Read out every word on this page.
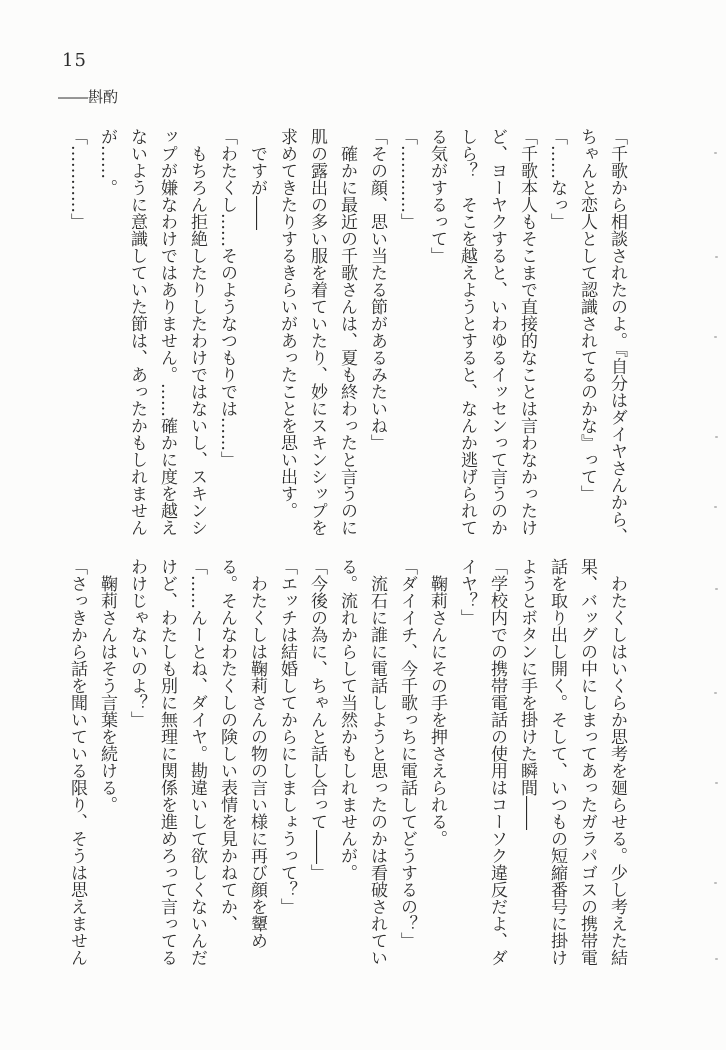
15
――斟酌
「千歌から相談されたのよ。『自分はダイヤさんから、
ちゃんと恋人として認識されてるのかな』って」
「……なっ」
「千歌本人もそこまで直接的なことは言わなかったけ
ど、ヨーヤクすると、いわゆるイッセンって言うのか
しら？　そこを越えようとすると、なんか逃げられて
る気がするって」
「…………」
「その顔、思い当たる節があるみたいね」
確かに最近の千歌さんは、夏も終わったと言うのに
肌の露出の多い服を着ていたり、妙にスキンシップを
求めてきたりするきらいがあったことを思い出す。
ですが――
「わたくし……そのようなつもりでは……」
もちろん拒絶したりしたわけではないし、スキンシ
ップが嫌なわけではありません。……確かに度を越え
ないように意識していた節は、あったかもしれません
が……。
「…………」
わたくしはいくらか思考を廻らせる。少し考えた結
果、バッグの中にしまってあったガラパゴスの携帯電
話を取り出し開く。そして、いつもの短縮番号に掛け
ようとボタンに手を掛けた瞬間――
「学校内での携帯電話の使用はコーソク違反だよ、ダ
イヤ？」
鞠莉さんにその手を押さえられる。
「ダイイチ、今千歌っちに電話してどうするの？」
流石に誰に電話しようと思ったのかは看破されてい
る。流れからして当然かもしれませんが。
「今後の為に、ちゃんと話し合って――」
「エッチは結婚してからにしましょうって？」
わたくしは鞠莉さんの物の言い様に再び顔を顰め
る。そんなわたくしの険しい表情を見かねてか、
「……んーとね、ダイヤ。勘違いして欲しくないんだ
けど、わたしも別に無理に関係を進めろって言ってる
わけじゃないのよ？」
鞠莉さんはそう言葉を続ける。
「さっきから話を聞いている限り、そうは思えません
